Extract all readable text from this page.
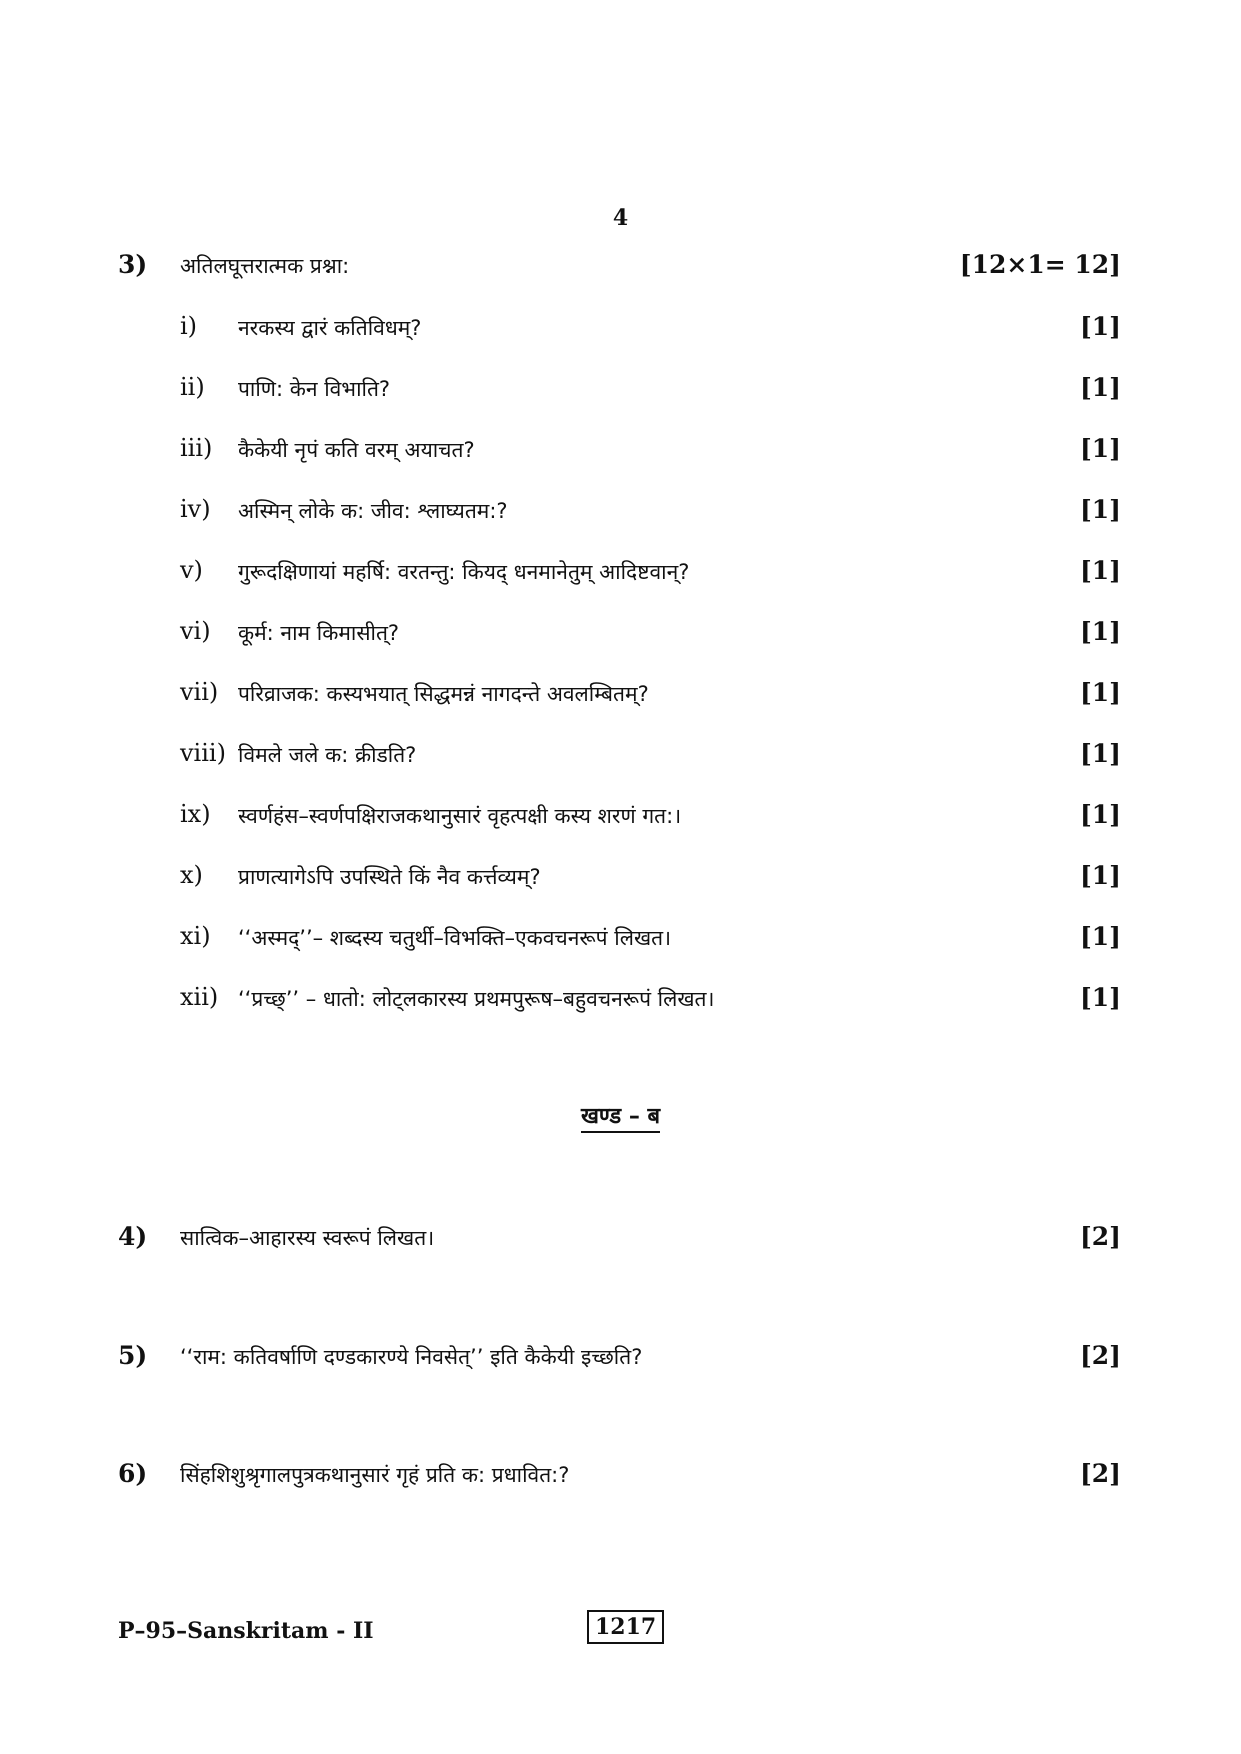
4
3) अतिलघूत्तरात्मक प्रश्ना:	[12×1= 12]
i) नरकस्य द्वारं कतिविधम्?	[1]
ii) पाणि: केन विभाति?	[1]
iii) कैकेयी नृपं कति वरम् अयाचत?	[1]
iv) अस्मिन् लोके क: जीव: श्लाघ्यतम:?	[1]
v) गुरूदक्षिणायां महर्षि: वरतन्तु: कियद् धनमानेतुम् आदिष्टवान्?	[1]
vi) कूर्म: नाम किमासीत्?	[1]
vii) परिव्राजक: कस्यभयात् सिद्धमन्नं नागदन्ते अवलम्बितम्?	[1]
viii) विमले जले क: क्रीडति?	[1]
ix) स्वर्णहंस–स्वर्णपक्षिराजकथानुसारं वृहत्पक्षी कस्य शरणं गत:।	[1]
x) प्राणत्यागेऽपि उपस्थिते किं नैव कर्त्तव्यम्?	[1]
xi) ‘‘अस्मद्’’– शब्दस्य चतुर्थी–विभक्ति–एकवचनरूपं लिखत।	[1]
xii) ‘‘प्रच्छ्’’ – धातो: लोट्लकारस्य प्रथमपुरूष–बहुवचनरूपं लिखत।	[1]
खण्ड – ब
4) सात्विक–आहारस्य स्वरूपं लिखत।	[2]
5) ‘‘राम: कतिवर्षाणि दण्डकारण्ये निवसेत्’’ इति कैकेयी इच्छति?	[2]
6) सिंहशिशुश्रृगालपुत्रकथानुसारं गृहं प्रति क: प्रधावित:?	[2]
P–95–Sanskritam - II	1217
